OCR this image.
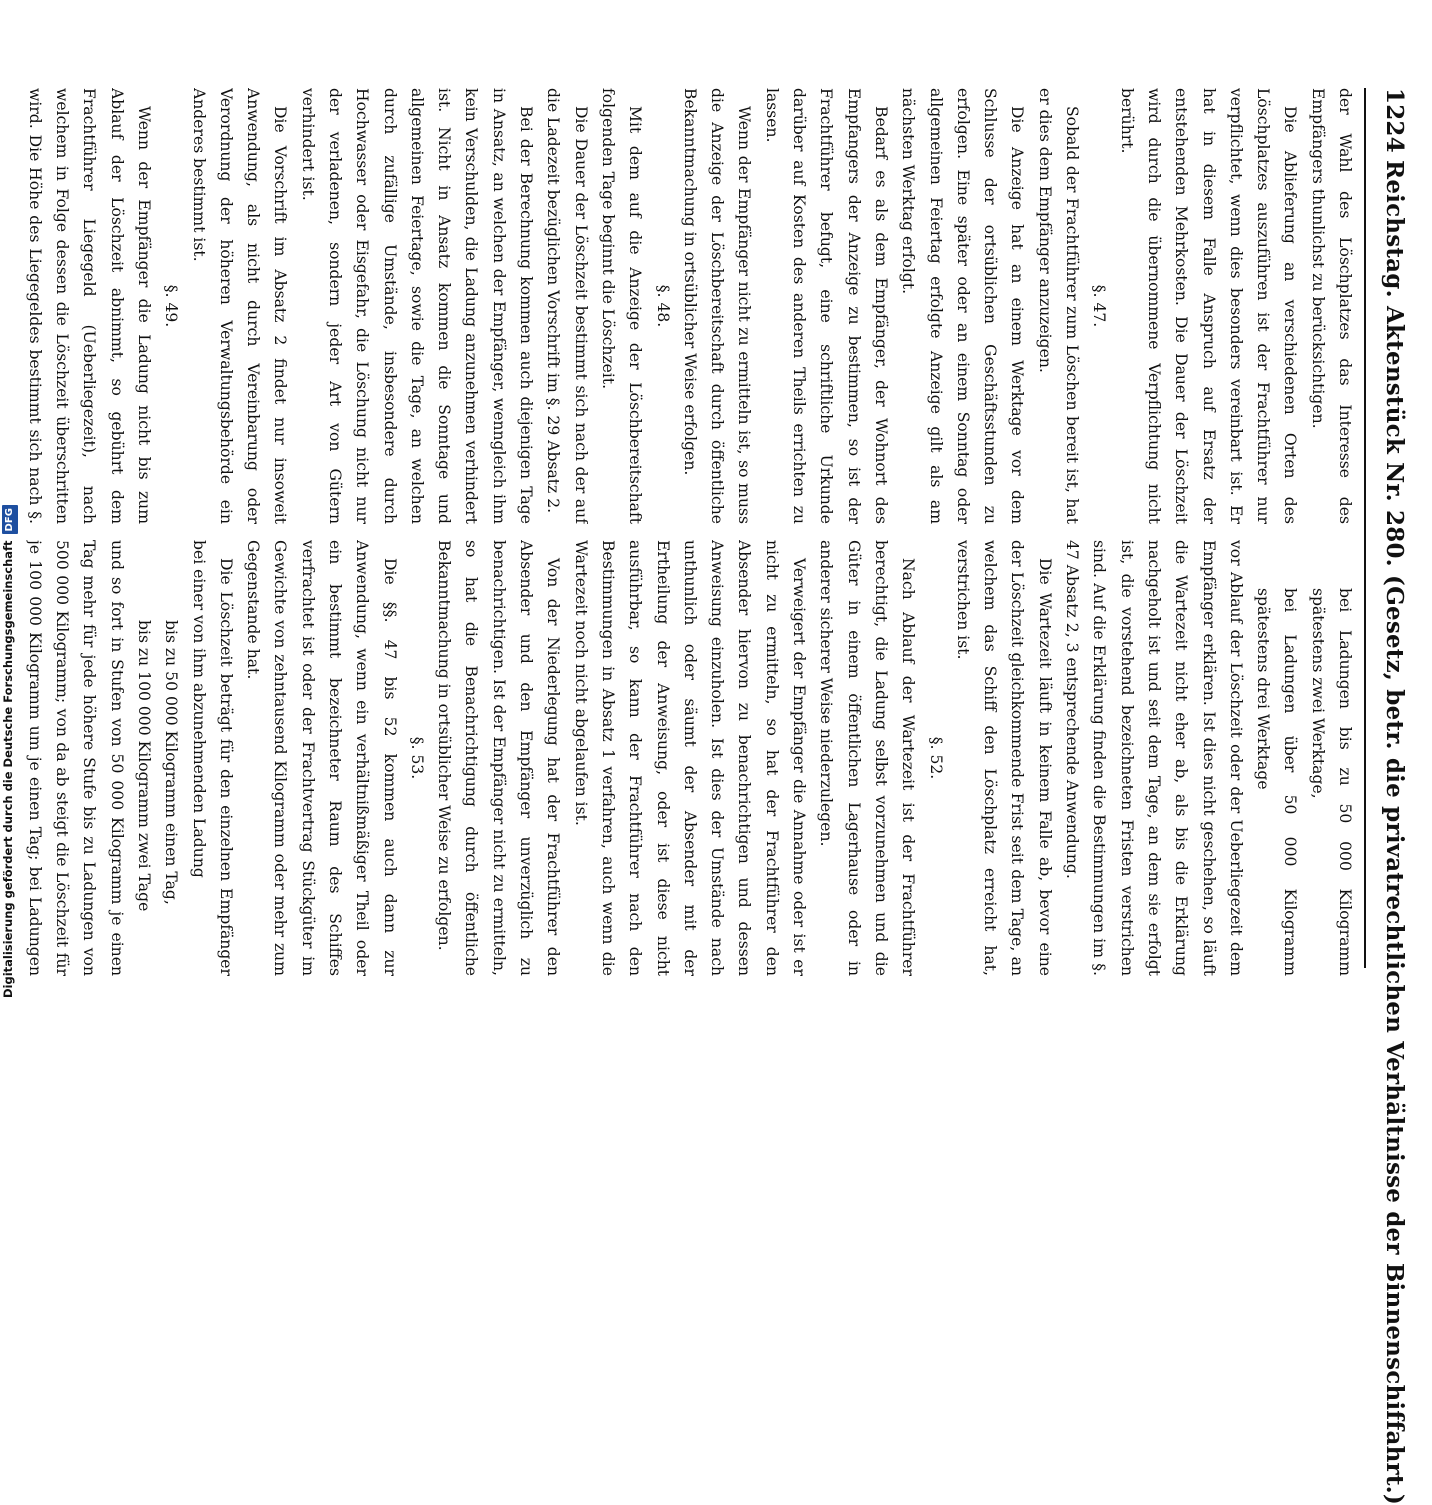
1224
Reichstag. Aktenstück Nr. 280. (Gesetz, betr. die privatrechtlichen Verhältnisse der Binnenschiffahrt.)

der Wahl des Löschplatzes das Interesse des Empfängers thunlichst zu berücksichtigen.

Die Ablieferung an verschiedenen Orten des Löschplatzes auszuführen ist der Frachtführer nur verpflichtet, wenn dies besonders vereinbart ist. Er hat in diesem Falle Anspruch auf Ersatz der entstehenden Mehrkosten. Die Dauer der Löschzeit wird durch die übernommene Verpflichtung nicht berührt.

§. 47.

Sobald der Frachtführer zum Löschen bereit ist, hat er dies dem Empfänger anzuzeigen.

Die Anzeige hat an einem Werktage vor dem Schlusse der ortsüblichen Geschäftsstunden zu erfolgen. Eine später oder an einem Sonntag oder allgemeinen Feiertag erfolgte Anzeige gilt als am nächsten Werktag erfolgt.

Bedarf es als dem Empfänger, der Wohnort des Empfangers der Anzeige zu bestimmen, so ist der Frachtführer befugt, eine schriftliche Urkunde darüber auf Kosten des anderen Theils errichten zu lassen.

Wenn der Empfänger nicht zu ermitteln ist, so muss die Anzeige der Löschbereitschaft durch öffentliche Bekanntmachung in ortsüblicher Weise erfolgen.

§. 48.

Mit dem auf die Anzeige der Löschbereitschaft folgenden Tage beginnt die Löschzeit.

Die Dauer der Löschzeit bestimmt sich nach der auf die Ladezeit bezüglichen Vorschrift im §. 29 Absatz 2.

Bei der Berechnung kommen auch diejenigen Tage in Ansatz, an welchen der Empfänger, wenngleich ihm kein Verschulden, die Ladung anzunehmen verhindert ist. Nicht in Ansatz kommen die Sonntage und allgemeinen Feiertage, sowie die Tage, an welchen durch zufällige Umstände, insbesondere durch Hochwasser oder Eisgefahr, die Löschung nicht nur der verladenen, sondern jeder Art von Gütern verhindert ist.

Die Vorschrift im Absatz 2 findet nur insoweit Anwendung, als nicht durch Vereinbarung oder Verordnung der höheren Verwaltungsbehörde ein Anderes bestimmt ist.

§. 49.

Wenn der Empfänger die Ladung nicht bis zum Ablauf der Löschzeit abnimmt, so gebührt dem Frachtführer Liegegeld (Ueberliegezeit), nach welchem in Folge dessen die Löschzeit überschritten wird. Die Höhe des Liegegeldes bestimmt sich nach §.

bei Ladungen bis zu 50 000 Kilogramm spätestens zwei Werktage,

bei Ladungen über 50 000 Kilogramm spätestens drei Werktage

vor Ablauf der Löschzeit oder der Ueberliegezeit dem Empfänger erklären. Ist dies nicht geschehen, so läuft die Wartezeit nicht eher ab, als bis die Erklärung nachgeholt ist und seit dem Tage, an dem sie erfolgt ist, die vorstehend bezeichneten Fristen verstrichen sind. Auf die Erklärung finden die Bestimmungen im §. 47 Absatz 2, 3 entsprechende Anwendung.

Die Wartezeit läuft in keinem Falle ab, bevor eine der Löschzeit gleichkommende Frist seit dem Tage, an welchem das Schiff den Löschplatz erreicht hat, verstrichen ist.

§. 52.

Nach Ablauf der Wartezeit ist der Frachtführer berechtigt, die Ladung selbst vorzunehmen und die Güter in einem öffentlichen Lagerhause oder in anderer sicherer Weise niederzulegen.

Verweigert der Empfänger die Annahme oder ist er nicht zu ermitteln, so hat der Frachtführer den Absender hiervon zu benachrichtigen und dessen Anweisung einzuholen. Ist dies der Umstände nach unthunlich oder säumt der Absender mit der Ertheilung der Anweisung, oder ist diese nicht ausführbar, so kann der Frachtführer nach den Bestimmungen in Absatz 1 verfahren, auch wenn die Wartezeit noch nicht abgelaufen ist.

Von der Niederlegung hat der Frachtführer den Absender und den Empfänger unverzüglich zu benachrichtigen. Ist der Empfänger nicht zu ermitteln, so hat die Benachrichtigung durch öffentliche Bekanntmachung in ortsüblicher Weise zu erfolgen.

§. 53.

Die §§. 47 bis 52 kommen auch dann zur Anwendung, wenn ein verhältnißmäßiger Theil oder ein bestimmt bezeichneter Raum des Schiffes verfrachtet ist oder der Frachtvertrag Stückgüter im Gewichte von zehntausend Kilogramm oder mehr zum Gegenstande hat.

Die Löschzeit beträgt für den einzelnen Empfänger bei einer von ihm abzunehmenden Ladung

bis zu 50 000 Kilogramm einen Tag,

bis zu 100 000 Kilogramm zwei Tage

und so fort in Stufen von 50 000 Kilogramm je einen Tag mehr für jede höhere Stufe bis zu Ladungen von 500 000 Kilogramm; von da ab steigt die Löschzeit für je 100 000 Kilogramm um je einen Tag; bei Ladungen

Digitalisierung gefördert durch die Deutsche ForschungsgemeinschaftDFG
